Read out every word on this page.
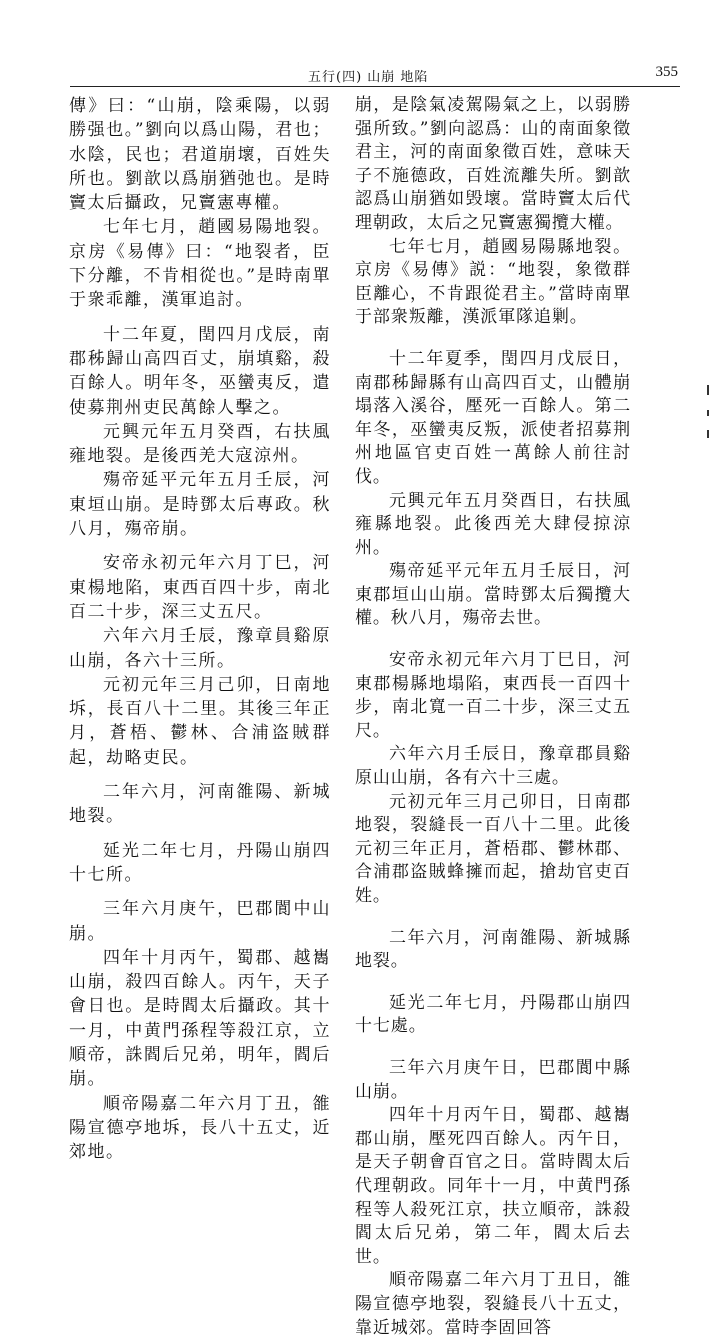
五行(四) 山崩 地陷	355

傳》曰：“山崩，陰乘陽，以弱勝强也。”劉向以爲山陽，君也；水陰，民也；君道崩壞，百姓失所也。劉歆以爲崩猶弛也。是時竇太后攝政，兄竇憲專權。

七年七月，趙國易陽地裂。京房《易傳》曰：“地裂者，臣下分離，不肯相從也。”是時南單于衆乖離，漢軍追討。

十二年夏，閏四月戊辰，南郡秭歸山高四百丈，崩填谿，殺百餘人。明年冬，巫蠻夷反，遣使募荆州吏民萬餘人擊之。

元興元年五月癸酉，右扶風雍地裂。是後西羌大寇涼州。

殤帝延平元年五月壬辰，河東垣山崩。是時鄧太后專政。秋八月，殤帝崩。

安帝永初元年六月丁巳，河東楊地陷，東西百四十步，南北百二十步，深三丈五尺。

六年六月壬辰，豫章員谿原山崩，各六十三所。

元初元年三月己卯，日南地坼，長百八十二里。其後三年正月，蒼梧、鬱林、合浦盗賊群起，劫略吏民。

二年六月，河南雒陽、新城地裂。

延光二年七月，丹陽山崩四十七所。

三年六月庚午，巴郡閬中山崩。

四年十月丙午，蜀郡、越巂山崩，殺四百餘人。丙午，天子會日也。是時閻太后攝政。其十一月，中黄門孫程等殺江京，立順帝，誅閻后兄弟，明年，閻后崩。

順帝陽嘉二年六月丁丑，雒陽宣德亭地坼，長八十五丈，近郊地。

崩，是陰氣凌駕陽氣之上，以弱勝强所致。”劉向認爲：山的南面象徵君主，河的南面象徵百姓，意味天子不施德政，百姓流離失所。劉歆認爲山崩猶如毁壞。當時竇太后代理朝政，太后之兄竇憲獨攬大權。

七年七月，趙國易陽縣地裂。京房《易傳》説：“地裂，象徵群臣離心，不肯跟從君主。”當時南單于部衆叛離，漢派軍隊追剿。

十二年夏季，閏四月戊辰日，南郡秭歸縣有山高四百丈，山體崩塌落入溪谷，壓死一百餘人。第二年冬，巫蠻夷反叛，派使者招募荆州地區官吏百姓一萬餘人前往討伐。

元興元年五月癸酉日，右扶風雍縣地裂。此後西羌大肆侵掠涼州。

殤帝延平元年五月壬辰日，河東郡垣山山崩。當時鄧太后獨攬大權。秋八月，殤帝去世。

安帝永初元年六月丁巳日，河東郡楊縣地塌陷，東西長一百四十步，南北寬一百二十步，深三丈五尺。

六年六月壬辰日，豫章郡員谿原山山崩，各有六十三處。

元初元年三月己卯日，日南郡地裂，裂縫長一百八十二里。此後元初三年正月，蒼梧郡、鬱林郡、合浦郡盗賊蜂擁而起，搶劫官吏百姓。

二年六月，河南雒陽、新城縣地裂。

延光二年七月，丹陽郡山崩四十七處。

三年六月庚午日，巴郡閬中縣山崩。

四年十月丙午日，蜀郡、越巂郡山崩，壓死四百餘人。丙午日，是天子朝會百官之日。當時閻太后代理朝政。同年十一月，中黄門孫程等人殺死江京，扶立順帝，誅殺閻太后兄弟，第二年，閻太后去世。

順帝陽嘉二年六月丁丑日，雒陽宣德亭地裂，裂縫長八十五丈，靠近城郊。當時李固回答
